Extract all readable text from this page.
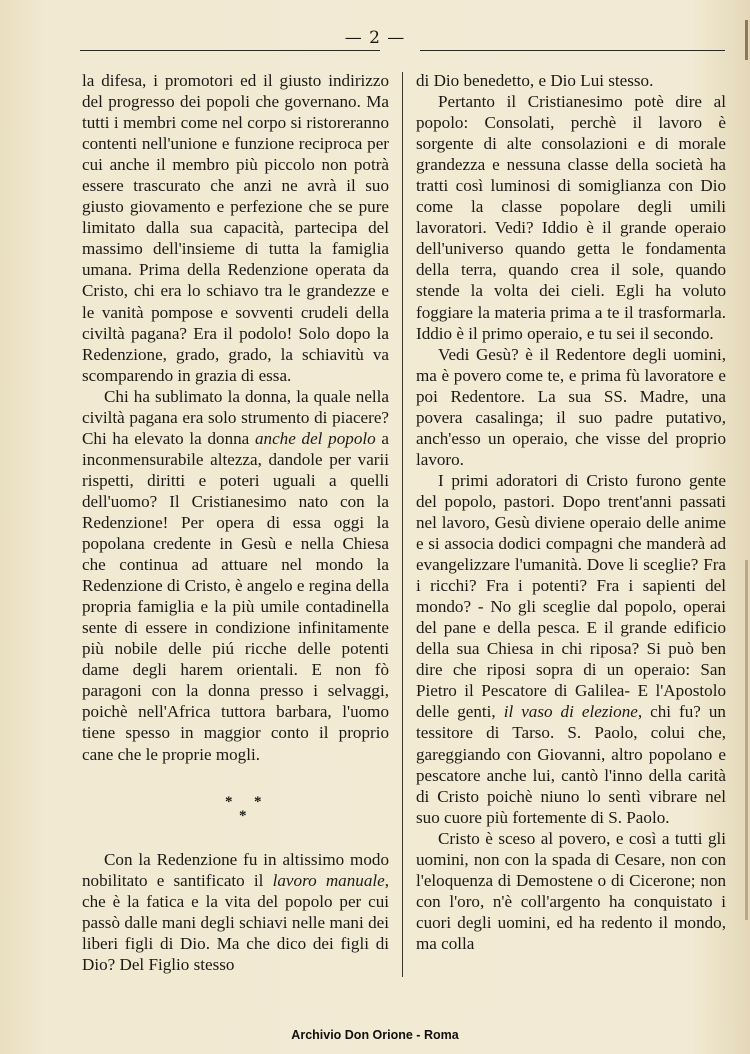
— 2 —

la difesa, i promotori ed il giusto indirizzo del progresso dei popoli che governano. Ma tutti i membri come nel corpo si ristoreranno contenti nell'unione e funzione reciproca per cui anche il membro più piccolo non potrà essere trascurato che anzi ne avrà il suo giusto giovamento e perfezione che se pure limitato dalla sua capacità, partecipa del massimo dell'insieme di tutta la famiglia umana. Prima della Redenzione operata da Cristo, chi era lo schiavo tra le grandezze e le vanità pompose e sovventi crudeli della civiltà pagana? Era il podolo! Solo dopo la Redenzione, grado, grado, la schiavitù va scomparendo in grazia di essa.

Chi ha sublimato la donna, la quale nella civiltà pagana era solo strumento di piacere? Chi ha elevato la donna anche del popolo a inconmensurabile altezza, dandole per varii rispetti, diritti e poteri uguali a quelli dell'uomo? Il Cristianesimo nato con la Redenzione! Per opera di essa oggi la popolana credente in Gesù e nella Chiesa che continua ad attuare nel mondo la Redenzione di Cristo, è angelo e regina della propria famiglia e la più umile contadinella sente di essere in condizione infinitamente più nobile delle piú ricche delle potenti dame degli harem orientali. E non fò paragoni con la donna presso i selvaggi, poichè nell'Africa tuttora barbara, l'uomo tiene spesso in maggior conto il proprio cane che le proprie mogli.

* *
*

Con la Redenzione fu in altissimo modo nobilitato e santificato il lavoro manuale, che è la fatica e la vita del popolo per cui passò dalle mani degli schiavi nelle mani dei liberi figli di Dio. Ma che dico dei figli di Dio? Del Figlio stesso

di Dio benedetto, e Dio Lui stesso.

Pertanto il Cristianesimo potè dire al popolo: Consolati, perchè il lavoro è sorgente di alte consolazioni e di morale grandezza e nessuna classe della società ha tratti così luminosi di somiglianza con Dio come la classe popolare degli umili lavoratori. Vedi? Iddio è il grande operaio dell'universo quando getta le fondamenta della terra, quando crea il sole, quando stende la volta dei cieli. Egli ha voluto foggiare la materia prima a te il trasformarla. Iddio è il primo operaio, e tu sei il secondo.

Vedi Gesù? è il Redentore degli uomini, ma è povero come te, e prima fù lavoratore e poi Redentore. La sua SS. Madre, una povera casalinga; il suo padre putativo, anch'esso un operaio, che visse del proprio lavoro.

I primi adoratori di Cristo furono gente del popolo, pastori. Dopo trent'anni passati nel lavoro, Gesù diviene operaio delle anime e si associa dodici compagni che manderà ad evangelizzare l'umanità. Dove li sceglie? Fra i ricchi? Fra i potenti? Fra i sapienti del mondo? - No gli sceglie dal popolo, operai del pane e della pesca. E il grande edificio della sua Chiesa in chi riposa? Si può ben dire che riposi sopra di un operaio: San Pietro il Pescatore di Galilea- E l'Apostolo delle genti, il vaso di elezione, chi fu? un tessitore di Tarso. S. Paolo, colui che, gareggiando con Giovanni, altro popolano e pescatore anche lui, cantò l'inno della carità di Cristo poichè niuno lo sentì vibrare nel suo cuore più fortemente di S. Paolo.

Cristo è sceso al povero, e così a tutti gli uomini, non con la spada di Cesare, non con l'eloquenza di Demostene o di Cicerone; non con l'oro, n'è coll'argento ha conquistato i cuori degli uomini, ed ha redento il mondo, ma colla

Archivio Don Orione - Roma
